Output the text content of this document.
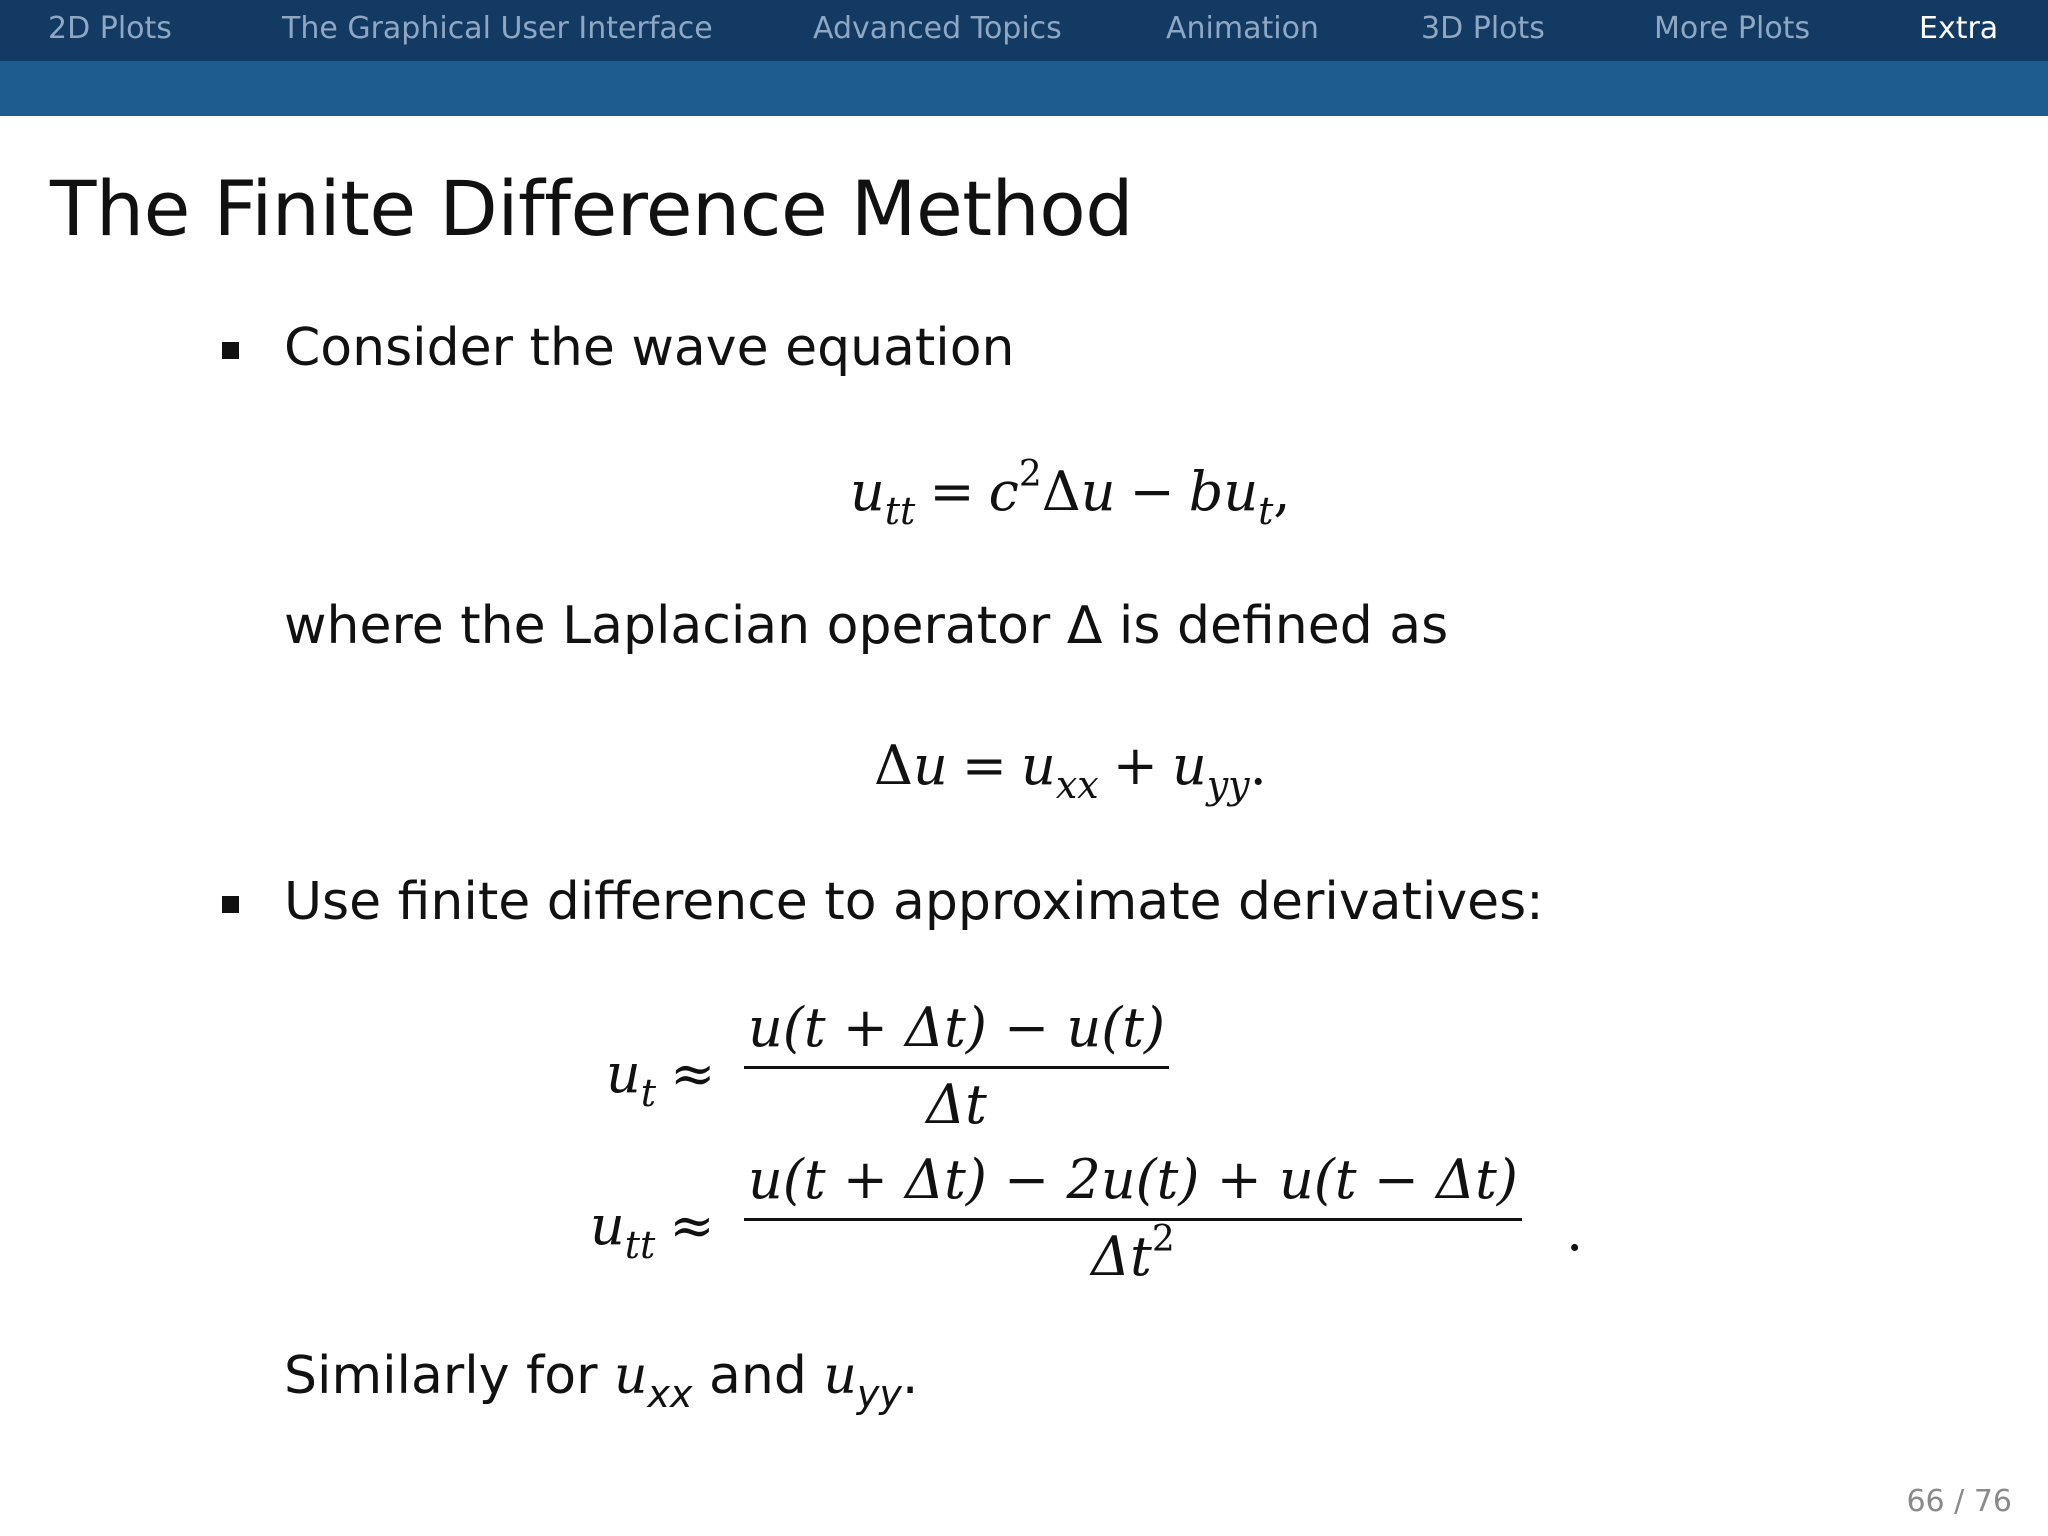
2D Plots	The Graphical User Interface	Advanced Topics	Animation	3D Plots	More Plots	Extra
The Finite Difference Method
Consider the wave equation
$u_{tt} = c^2\Delta u - bu_t$,
where the Laplacian operator Δ is defined as
$\Delta u = u_{xx} + u_{yy}$.
Use finite difference to approximate derivatives:
$u_t \approx \frac{u(t + \Delta t) - u(t)}{\Delta t}$
$u_{tt} \approx \frac{u(t + \Delta t) - 2u(t) + u(t - \Delta t)}{\Delta t^2}$ .
Similarly for $u_{xx}$ and $u_{yy}$.
66 / 76
